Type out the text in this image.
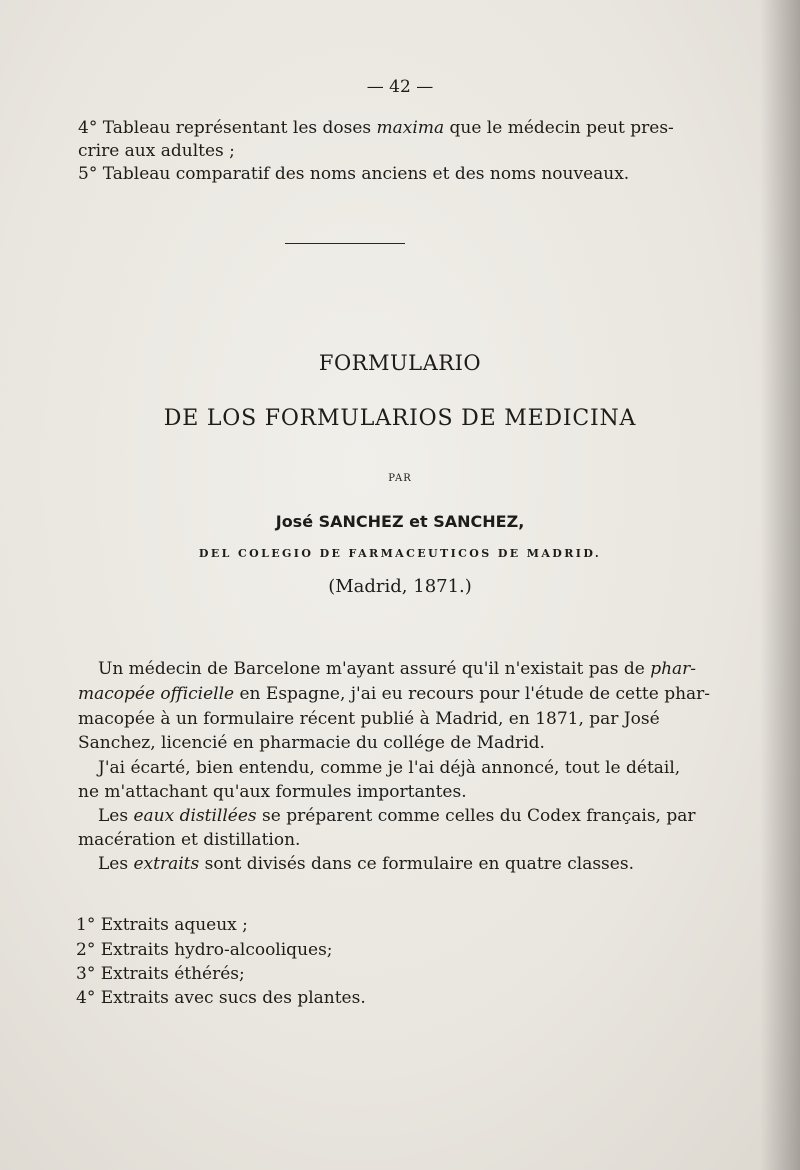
— 42 —
4° Tableau représentant les doses maxima que le médecin peut pres-
crire aux adultes ;
5° Tableau comparatif des noms anciens et des noms nouveaux.
FORMULARIO
DE LOS FORMULARIOS DE MEDICINA
PAR
José SANCHEZ et SANCHEZ,
DEL COLEGIO DE FARMACEUTICOS DE MADRID.
(Madrid, 1871.)
Un médecin de Barcelone m'ayant assuré qu'il n'existait pas de phar-
macopée officielle en Espagne, j'ai eu recours pour l'étude de cette phar-
macopée à un formulaire récent publié à Madrid, en 1871, par José
Sanchez, licencié en pharmacie du collége de Madrid.
J'ai écarté, bien entendu, comme je l'ai déjà annoncé, tout le détail,
ne m'attachant qu'aux formules importantes.
Les eaux distillées se préparent comme celles du Codex français, par
macération et distillation.
Les extraits sont divisés dans ce formulaire en quatre classes.
1° Extraits aqueux ;
2° Extraits hydro-alcooliques;
3° Extraits éthérés;
4° Extraits avec sucs des plantes.
